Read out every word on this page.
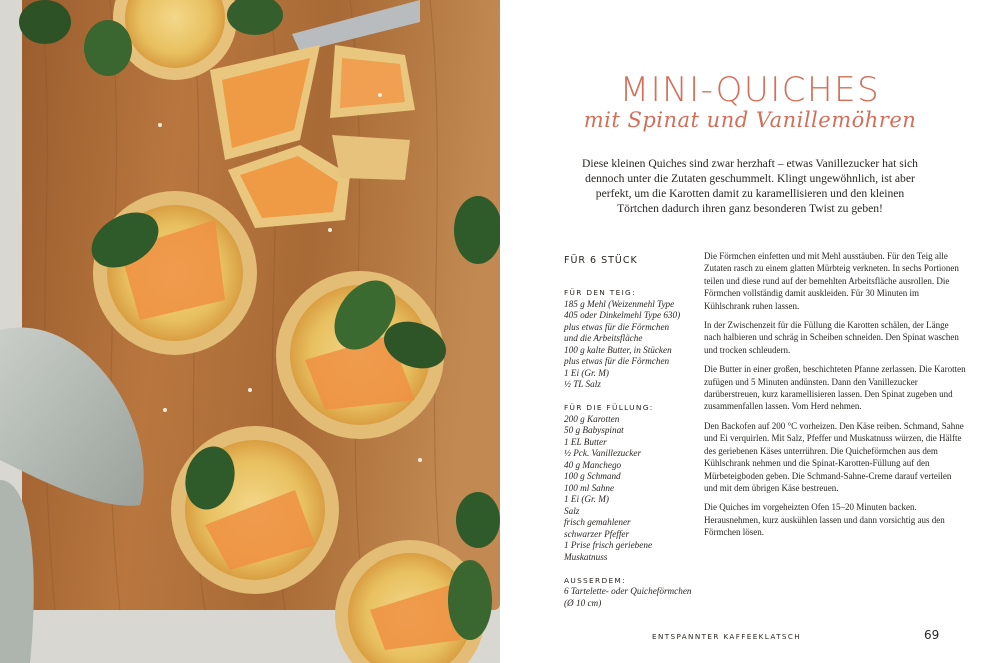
MINI-QUICHES
mit Spinat und Vanillemöhren

Diese kleinen Quiches sind zwar herzhaft – etwas Vanillezucker hat sich dennoch unter die Zutaten geschummelt. Klingt ungewöhnlich, ist aber perfekt, um die Karotten damit zu karamellisieren und den kleinen Törtchen dadurch ihren ganz besonderen Twist zu geben!

FÜR 6 STÜCK
FÜR DEN TEIG:
185 g Mehl (Weizenmehl Type
405 oder Dinkelmehl Type 630)
plus etwas für die Förmchen
und die Arbeitsfläche
100 g kalte Butter, in Stücken
plus etwas für die Förmchen
1 Ei (Gr. M)
½ TL Salz
FÜR DIE FÜLLUNG:
200 g Karotten
50 g Babyspinat
1 EL Butter
½ Pck. Vanillezucker
40 g Manchego
100 g Schmand
100 ml Sahne
1 Ei (Gr. M)
Salz
frisch gemahlener
schwarzer Pfeffer
1 Prise frisch geriebene
Muskatnuss
AUSSERDEM:
6 Tartelette- oder Quicheförmchen
(Ø 10 cm)

Die Förmchen einfetten und mit Mehl ausstäuben. Für den Teig alle Zutaten rasch zu einem glatten Mürbteig verkneten. In sechs Portionen teilen und diese rund auf der bemehlten Arbeitsfläche ausrollen. Die Förmchen vollständig damit auskleiden. Für 30 Minuten im Kühlschrank ruhen lassen.

In der Zwischenzeit für die Füllung die Karotten schälen, der Länge nach halbieren und schräg in Scheiben schneiden. Den Spinat waschen und trocken schleudern.

Die Butter in einer großen, beschichteten Pfanne zerlassen. Die Karotten zufügen und 5 Minuten andünsten. Dann den Vanillezucker darüberstreuen, kurz karamellisieren lassen. Den Spinat zugeben und zusammenfallen lassen. Vom Herd nehmen.

Den Backofen auf 200 °C vorheizen. Den Käse reiben. Schmand, Sahne und Ei verquirlen. Mit Salz, Pfeffer und Muskatnuss würzen, die Hälfte des geriebenen Käses unterrühren. Die Quicheförmchen aus dem Kühlschrank nehmen und die Spinat-Karotten-Füllung auf den Mürbeteigboden geben. Die Schmand-Sahne-Creme darauf verteilen und mit dem übrigen Käse bestreuen.

Die Quiches im vorgeheizten Ofen 15–20 Minuten backen. Herausnehmen, kurz auskühlen lassen und dann vorsichtig aus den Förmchen lösen.

ENTSPANNTER KAFFEEKLATSCH	69
